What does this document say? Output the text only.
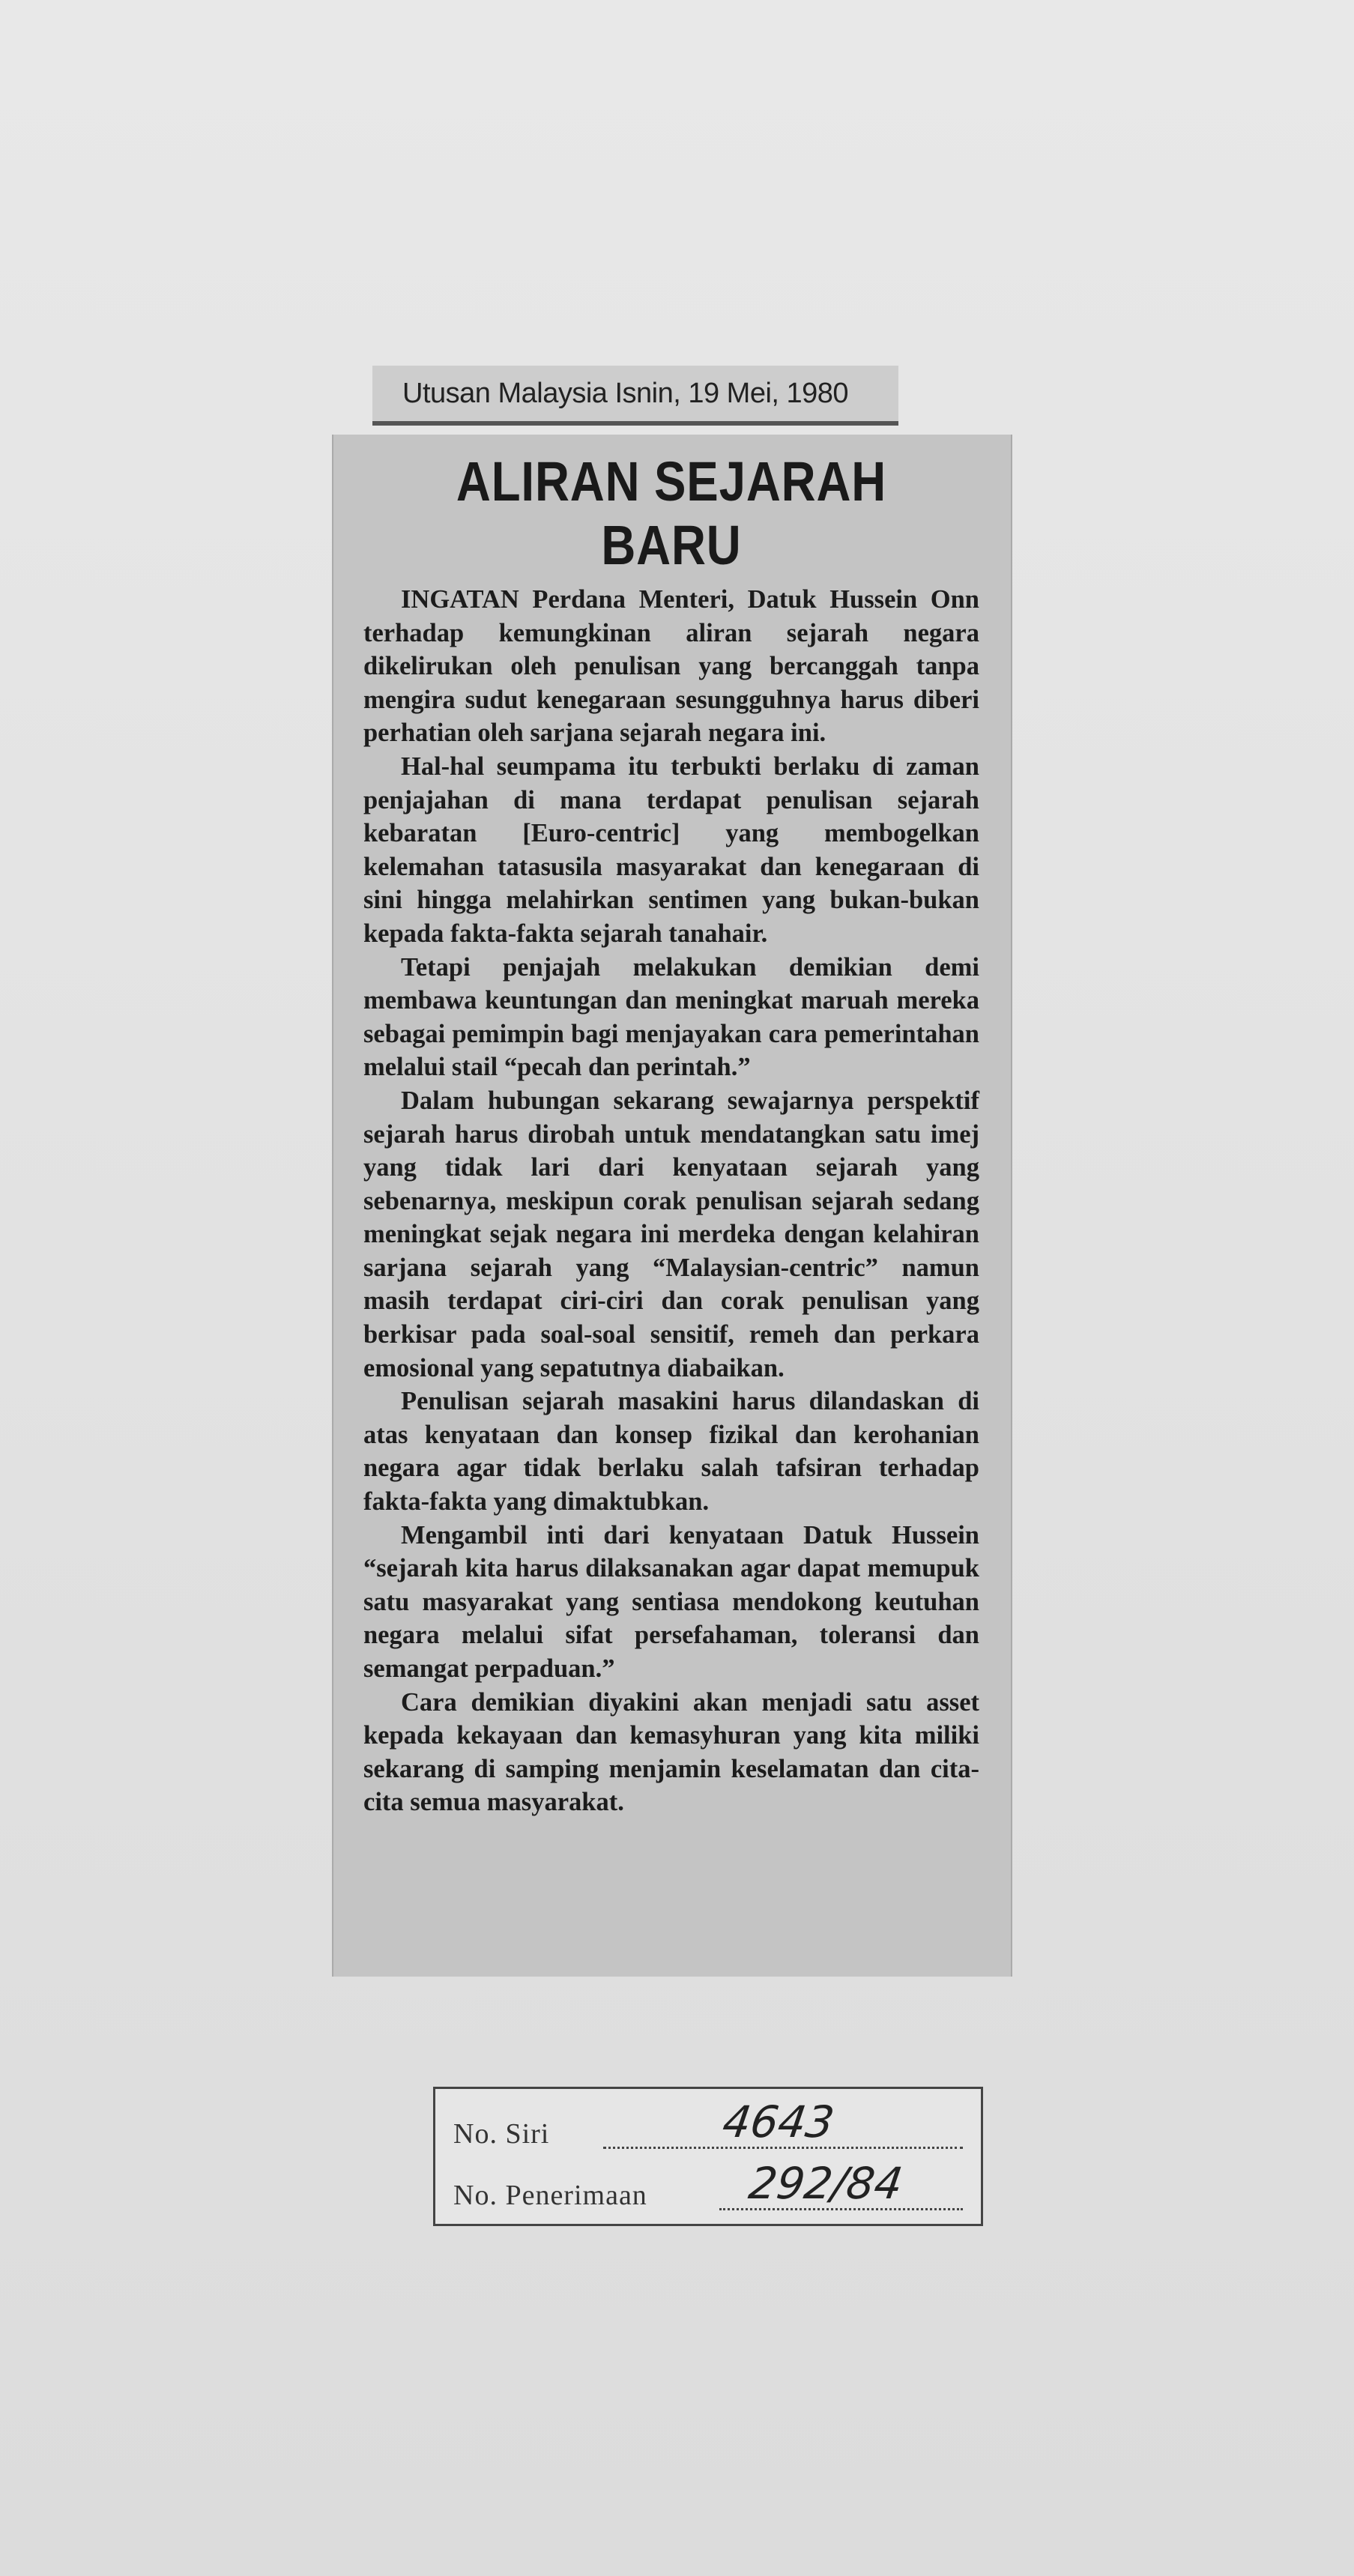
Utusan Malaysia Isnin, 19 Mei, 1980
ALIRAN SEJARAH BARU

INGATAN Perdana Menteri, Datuk Hussein Onn terhadap kemungkinan aliran sejarah negara dikelirukan oleh penulisan yang bercanggah tanpa mengira sudut kenegaraan sesungguhnya harus diberi perhatian oleh sarjana sejarah negara ini.

Hal-hal seumpama itu terbukti berlaku di zaman penjajahan di mana terdapat penulisan sejarah kebaratan [Euro-centric] yang membogelkan kelemahan tatasusila masyarakat dan kenegaraan di sini hingga melahirkan sentimen yang bukan-bukan kepada fakta-fakta sejarah tanahair.

Tetapi penjajah melakukan demikian demi membawa keuntungan dan meningkat maruah mereka sebagai pemimpin bagi menjayakan cara pemerintahan melalui stail “pecah dan perintah.”

Dalam hubungan sekarang sewajarnya perspektif sejarah harus dirobah untuk mendatangkan satu imej yang tidak lari dari kenyataan sejarah yang sebenarnya, meskipun corak penulisan sejarah sedang meningkat sejak negara ini merdeka dengan kelahiran sarjana sejarah yang “Malaysian-centric” namun masih terdapat ciri-ciri dan corak penulisan yang berkisar pada soal-soal sensitif, remeh dan perkara emosional yang sepatutnya diabaikan.

Penulisan sejarah masakini harus dilandaskan di atas kenyataan dan konsep fizikal dan kerohanian negara agar tidak berlaku salah tafsiran terhadap fakta-fakta yang dimaktubkan.

Mengambil inti dari kenyataan Datuk Hussein “sejarah kita harus dilaksanakan agar dapat memupuk satu masyarakat yang sentiasa mendokong keutuhan negara melalui sifat persefahaman, toleransi dan semangat perpaduan.”

Cara demikian diyakini akan menjadi satu asset kepada kekayaan dan kemasyhuran yang kita miliki sekarang di samping menjamin keselamatan dan cita-cita semua masyarakat.

No. Siri	4643
No. Penerimaan 292/84
